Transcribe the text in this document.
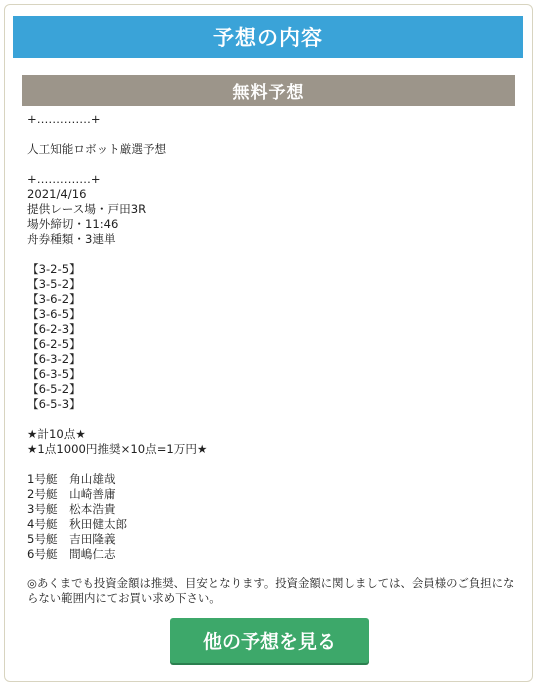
予想の内容
無料予想
+‥‥‥‥‥‥‥+

人工知能ロボット厳選予想

+‥‥‥‥‥‥‥+
2021/4/16
提供レース場・戸田3R
場外締切・11:46
舟券種類・3連単

【3-2-5】
【3-5-2】
【3-6-2】
【3-6-5】
【6-2-3】
【6-2-5】
【6-3-2】
【6-3-5】
【6-5-2】
【6-5-3】

★計10点★
★1点1000円推奨×10点=1万円★

1号艇　角山雄哉
2号艇　山崎善庸
3号艇　松本浩貴
4号艇　秋田健太郎
5号艇　吉田隆義
6号艇　間嶋仁志
◎あくまでも投資金額は推奨、目安となります。投資金額に関しましては、会員様のご負担にならない範囲内にてお買い求め下さい。
他の予想を見る
